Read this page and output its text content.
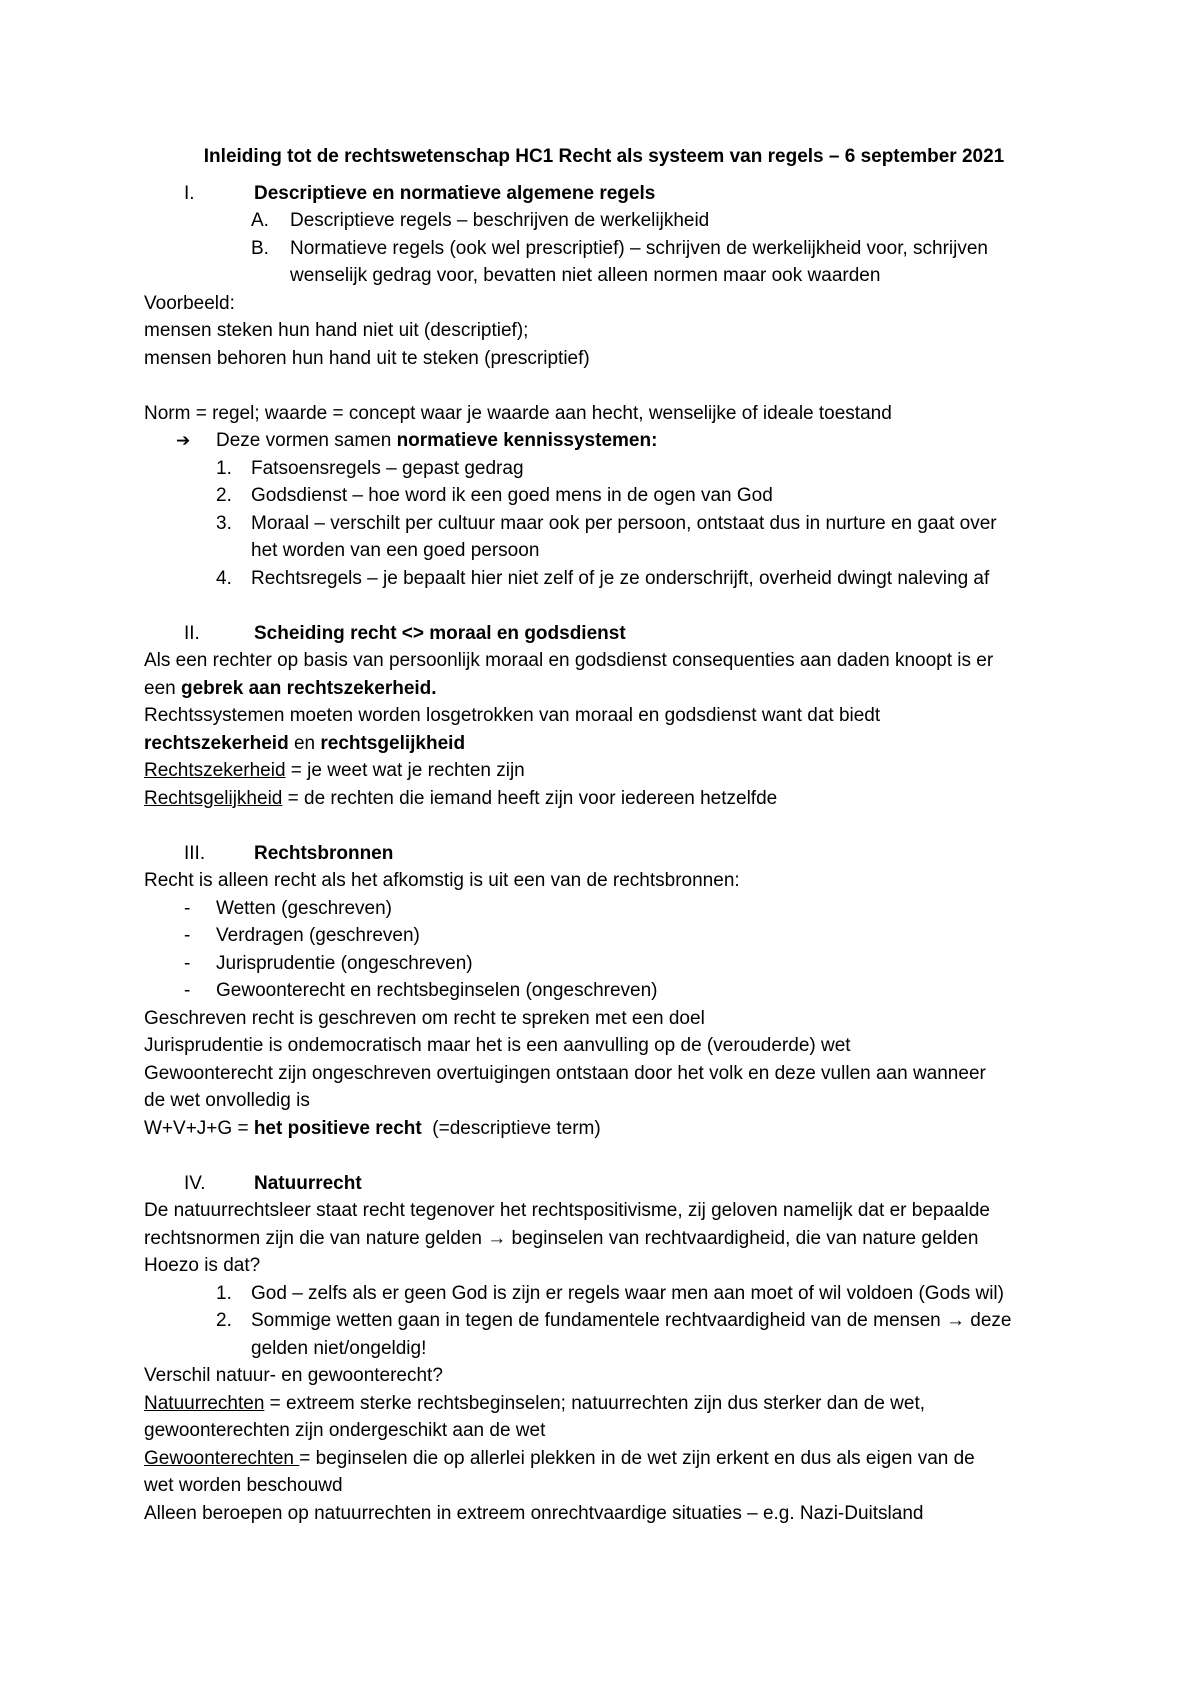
Inleiding tot de rechtswetenschap HC1 Recht als systeem van regels – 6 september 2021
I.	Descriptieve en normatieve algemene regels
A. Descriptieve regels – beschrijven de werkelijkheid
B. Normatieve regels (ook wel prescriptief) – schrijven de werkelijkheid voor, schrijven
wenselijk gedrag voor, bevatten niet alleen normen maar ook waarden
Voorbeeld:
mensen steken hun hand niet uit (descriptief);
mensen behoren hun hand uit te steken (prescriptief)
Norm = regel; waarde = concept waar je waarde aan hecht, wenselijke of ideale toestand
➔ Deze vormen samen normatieve kennissystemen:
1. Fatsoensregels – gepast gedrag
2. Godsdienst – hoe word ik een goed mens in de ogen van God
3. Moraal – verschilt per cultuur maar ook per persoon, ontstaat dus in nurture en gaat over
het worden van een goed persoon
4. Rechtsregels – je bepaalt hier niet zelf of je ze onderschrijft, overheid dwingt naleving af
II.	Scheiding recht <> moraal en godsdienst
Als een rechter op basis van persoonlijk moraal en godsdienst consequenties aan daden knoopt is er
een gebrek aan rechtszekerheid.
Rechtssystemen moeten worden losgetrokken van moraal en godsdienst want dat biedt
rechtszekerheid en rechtsgelijkheid
Rechtszekerheid = je weet wat je rechten zijn
Rechtsgelijkheid = de rechten die iemand heeft zijn voor iedereen hetzelfde
III.	Rechtsbronnen
Recht is alleen recht als het afkomstig is uit een van de rechtsbronnen:
- Wetten (geschreven)
- Verdragen (geschreven)
- Jurisprudentie (ongeschreven)
- Gewoonterecht en rechtsbeginselen (ongeschreven)
Geschreven recht is geschreven om recht te spreken met een doel
Jurisprudentie is ondemocratisch maar het is een aanvulling op de (verouderde) wet
Gewoonterecht zijn ongeschreven overtuigingen ontstaan door het volk en deze vullen aan wanneer
de wet onvolledig is
W+V+J+G = het positieve recht  (=descriptieve term)
IV.	Natuurrecht
De natuurrechtsleer staat recht tegenover het rechtspositivisme, zij geloven namelijk dat er bepaalde
rechtsnormen zijn die van nature gelden → beginselen van rechtvaardigheid, die van nature gelden
Hoezo is dat?
1. God – zelfs als er geen God is zijn er regels waar men aan moet of wil voldoen (Gods wil)
2. Sommige wetten gaan in tegen de fundamentele rechtvaardigheid van de mensen → deze
gelden niet/ongeldig!
Verschil natuur- en gewoonterecht?
Natuurrechten = extreem sterke rechtsbeginselen; natuurrechten zijn dus sterker dan de wet,
gewoonterechten zijn ondergeschikt aan de wet
Gewoonterechten = beginselen die op allerlei plekken in de wet zijn erkent en dus als eigen van de
wet worden beschouwd
Alleen beroepen op natuurrechten in extreem onrechtvaardige situaties – e.g. Nazi-Duitsland
